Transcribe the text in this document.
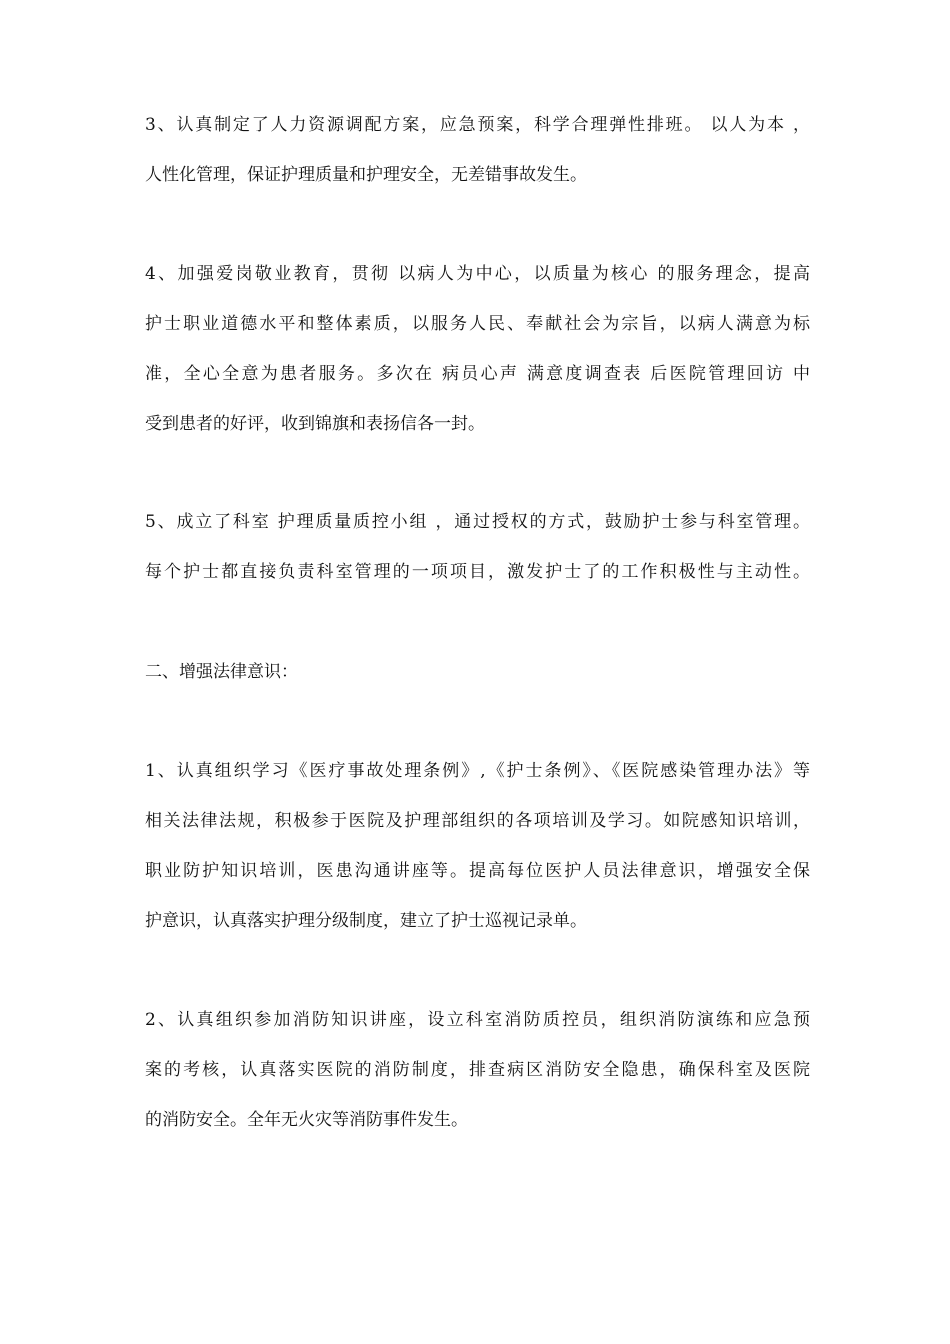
3、认真制定了人力资源调配方案，应急预案，科学合理弹性排班。 以人为本 ，
人性化管理，保证护理质量和护理安全，无差错事故发生。
4、加强爱岗敬业教育，贯彻 以病人为中心，以质量为核心 的服务理念，提高
护士职业道德水平和整体素质，以服务人民、奉献社会为宗旨，以病人满意为标
准，全心全意为患者服务。多次在 病员心声 满意度调查表 后医院管理回访 中
受到患者的好评，收到锦旗和表扬信各一封。
5、成立了科室 护理质量质控小组 ，通过授权的方式，鼓励护士参与科室管理。
每个护士都直接负责科室管理的一项项目，激发护士了的工作积极性与主动性。
二、增强法律意识：
1、认真组织学习《医疗事故处理条例》,《护士条例》、《医院感染管理办法》等
相关法律法规，积极参于医院及护理部组织的各项培训及学习。如院感知识培训，
职业防护知识培训，医患沟通讲座等。提高每位医护人员法律意识，增强安全保
护意识，认真落实护理分级制度，建立了护士巡视记录单。
2、认真组织参加消防知识讲座，设立科室消防质控员，组织消防演练和应急预
案的考核，认真落实医院的消防制度，排查病区消防安全隐患，确保科室及医院
的消防安全。全年无火灾等消防事件发生。
